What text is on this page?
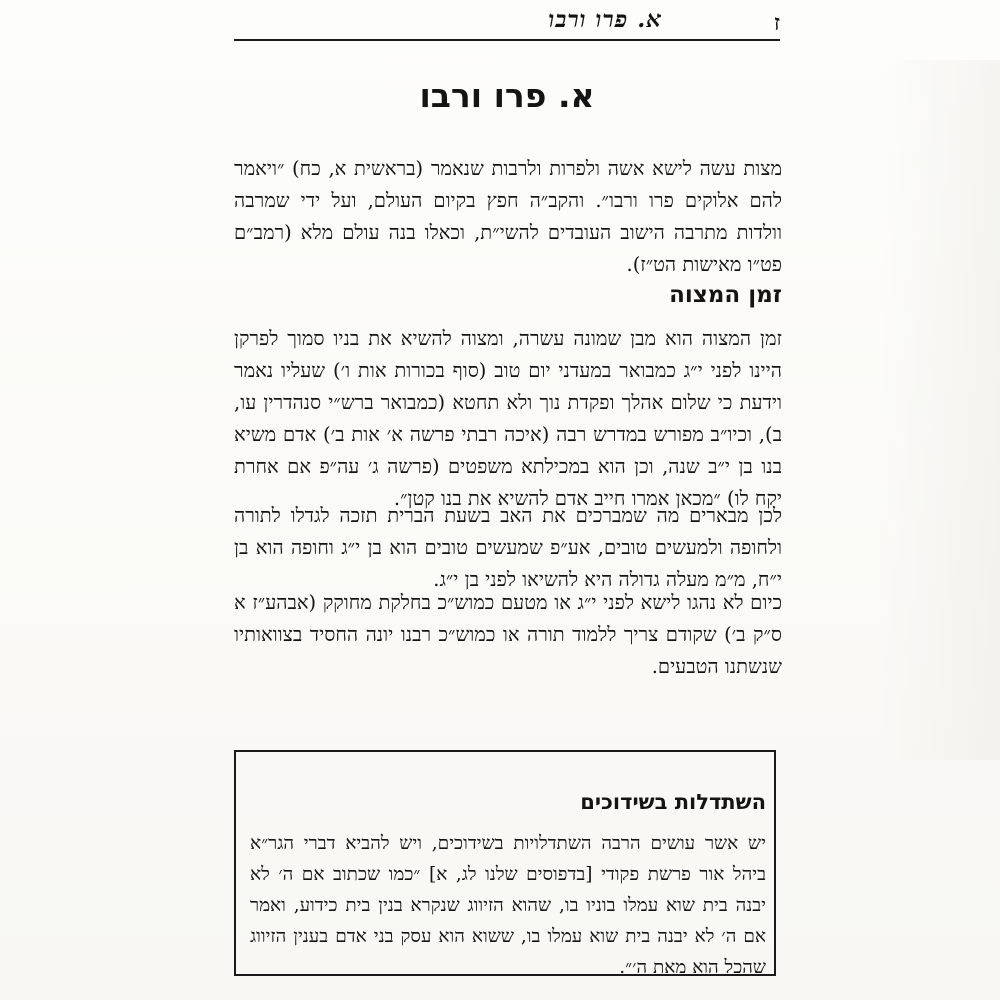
א. פרו ורבו	ז
א. פרו ורבו
מצות עשה לישא אשה ולפרות ולרבות שנאמר (בראשית א, כח) ״ויאמר להם אלוקים פרו ורבו״. והקב״ה חפץ בקיום העולם, ועל ידי שמרבה וולדות מתרבה הישוב העובדים להשי״ת, וכאלו בנה עולם מלא (רמב״ם פט״ו מאישות הט״ז).
זמן המצוה
זמן המצוה הוא מבן שמונה עשרה, ומצוה להשיא את בניו סמוך לפרקן היינו לפני י״ג כמבואר במעדני יום טוב (סוף בכורות אות ו׳) שעליו נאמר וידעת כי שלום אהלך ופקדת נוך ולא תחטא (כמבואר ברש״י סנהדרין עו, ב), וכיו״ב מפורש במדרש רבה (איכה רבתי פרשה א׳ אות ב׳) אדם משיא בנו בן י״ב שנה, וכן הוא במכילתא משפטים (פרשה ג׳ עה״פ אם אחרת יקח לו) ״מכאן אמרו חייב אדם להשיא את בנו קטן״.
לכן מבארים מה שמברכים את האב בשעת הברית תזכה לגדלו לתורה ולחופה ולמעשים טובים, אע״פ שמעשים טובים הוא בן י״ג וחופה הוא בן י״ח, מ״מ מעלה גדולה היא להשיאו לפני בן י״ג.
כיום לא נהגו לישא לפני י״ג או מטעם כמוש״כ בחלקת מחוקק (אבהע״ז א ס״ק ב׳) שקודם צריך ללמוד תורה או כמוש״כ רבנו יונה החסיד בצוואותיו שנשתנו הטבעים.
השתדלות בשידוכים
יש אשר עושים הרבה השתדלויות בשידוכים, ויש להביא דברי הגר״א ביהל אור פרשת פקודי [בדפוסים שלנו לג, א] ״כמו שכתוב אם ה׳ לא יבנה בית שוא עמלו בוניו בו, שהוא הזיווג שנקרא בנין בית כידוע, ואמר אם ה׳ לא יבנה בית שוא עמלו בו, ששוא הוא עסק בני אדם בענין הזיווג שהכל הוא מאת ה׳״.
